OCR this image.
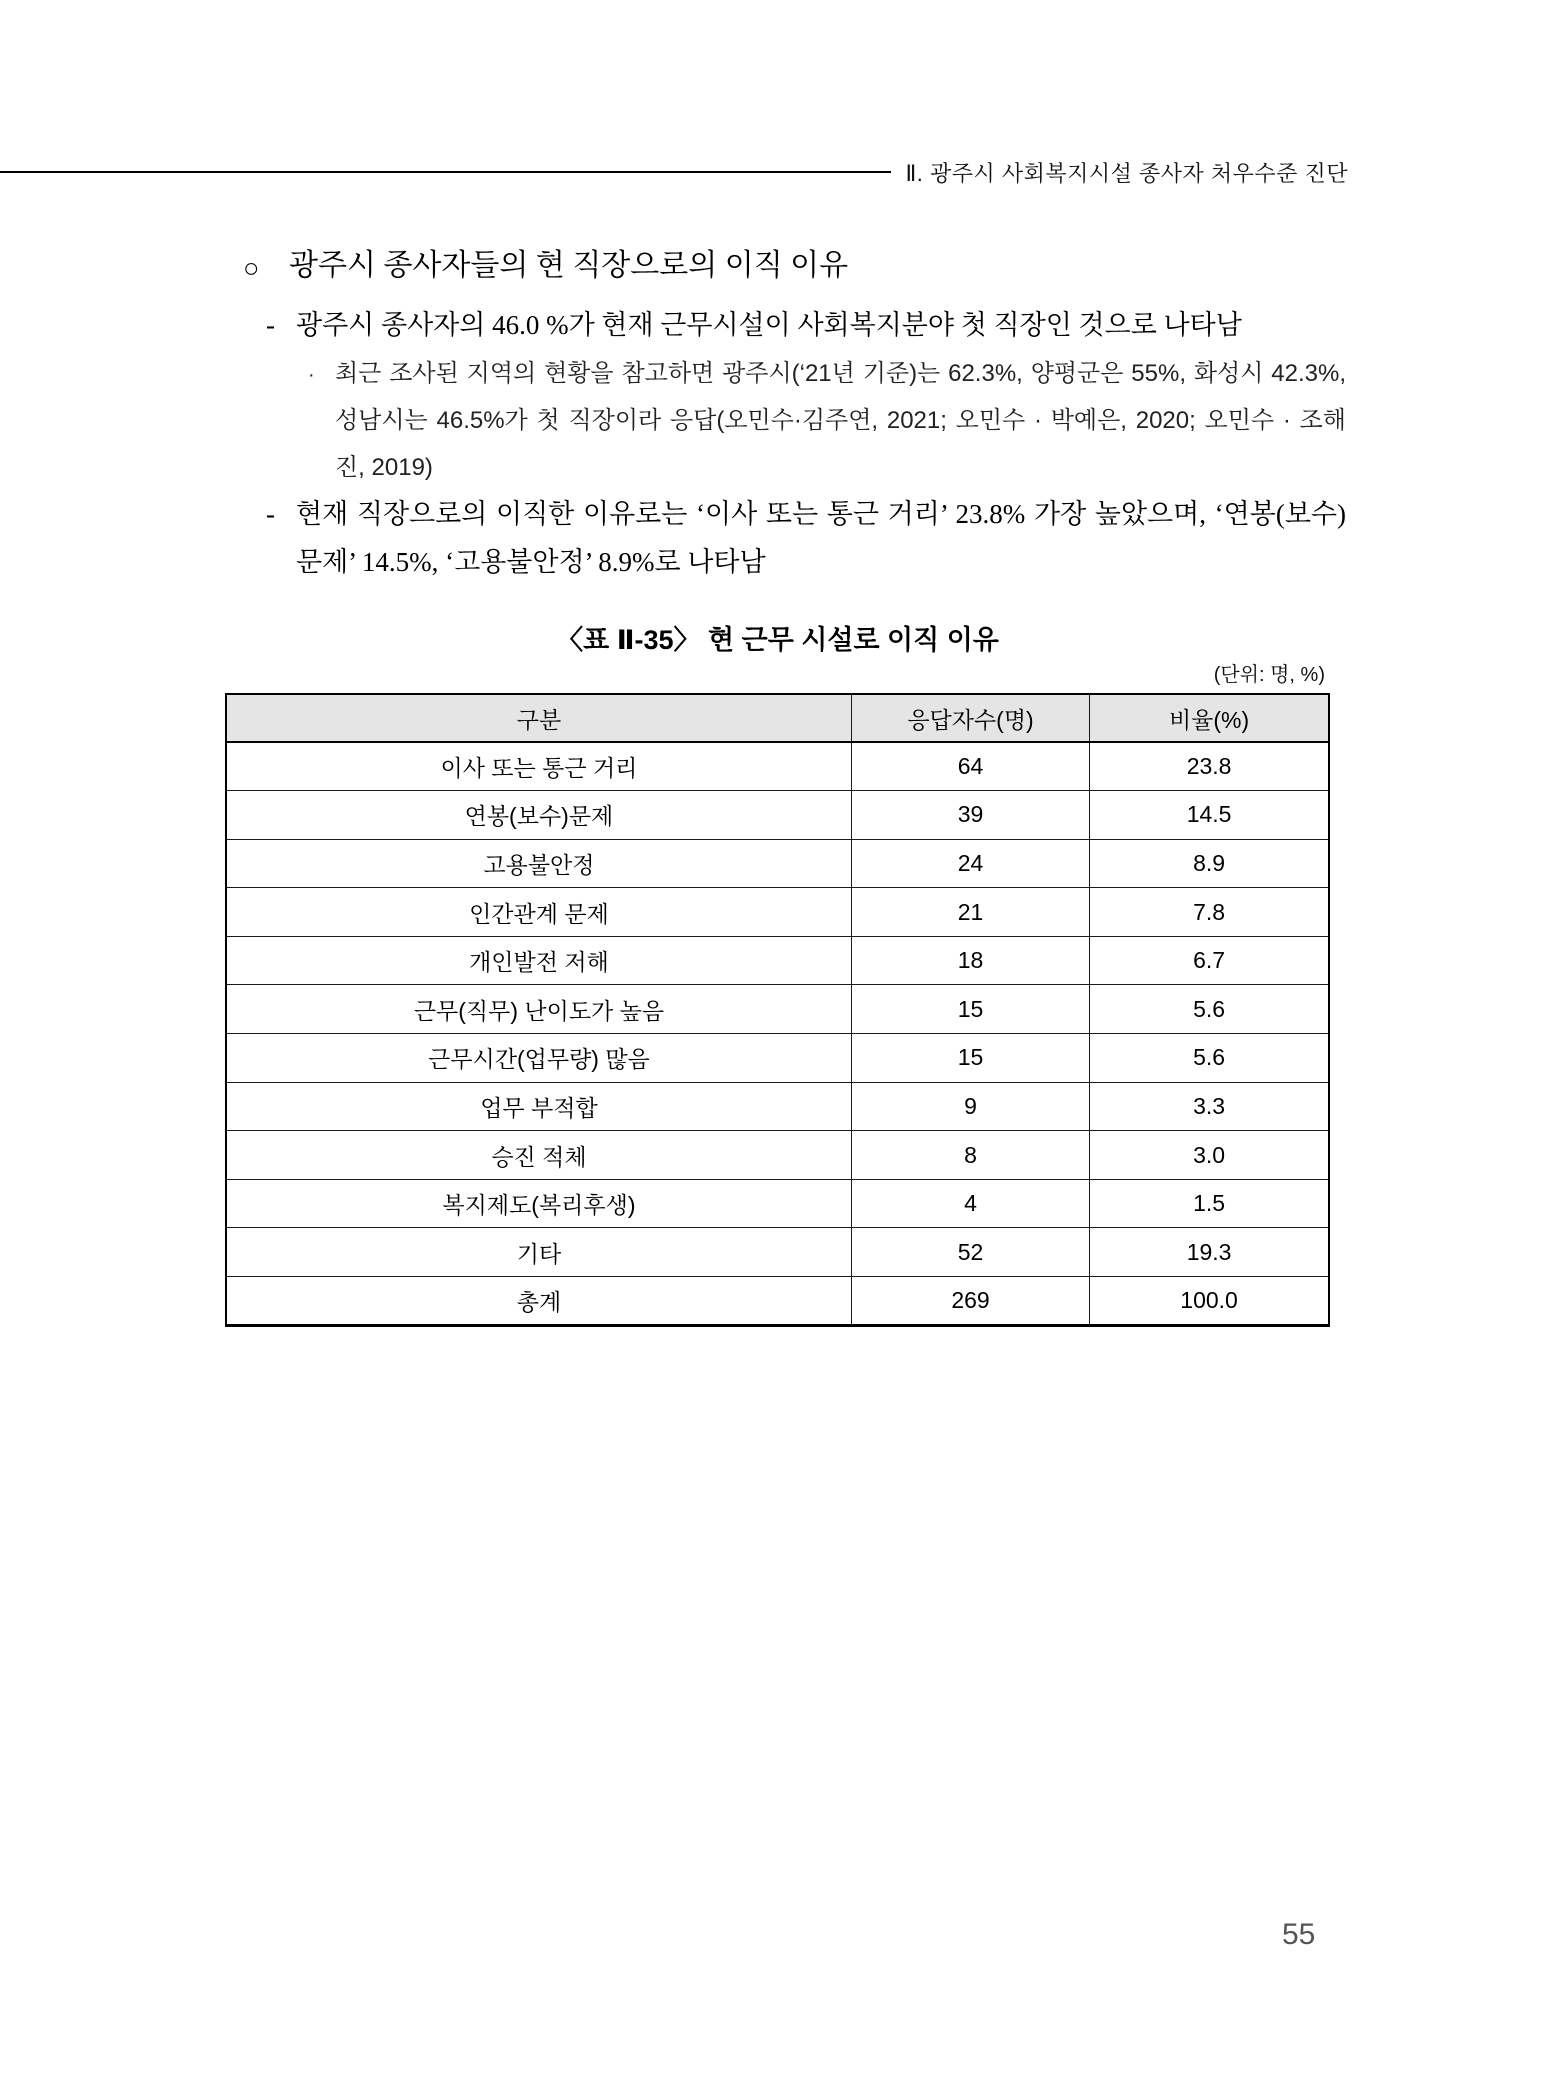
Ⅱ. 광주시 사회복지시설 종사자 처우수준 진단
○ 광주시 종사자들의 현 직장으로의 이직 이유
- 광주시 종사자의 46.0 %가 현재 근무시설이 사회복지분야 첫 직장인 것으로 나타남
· 최근 조사된 지역의 현황을 참고하면 광주시(‘21년 기준)는 62.3%, 양평군은 55%, 화성시 42.3%, 성남시는 46.5%가 첫 직장이라 응답(오민수·김주연, 2021; 오민수 · 박예은, 2020; 오민수 · 조해진, 2019)
- 현재 직장으로의 이직한 이유로는 ‘이사 또는 통근 거리’ 23.8% 가장 높았으며, ‘연봉(보수)문제’ 14.5%, ‘고용불안정’ 8.9%로 나타남
〈표 Ⅱ-35〉 현 근무 시설로 이직 이유
(단위: 명, %)
구분	응답자수(명)	비율(%)
이사 또는 통근 거리	64	23.8
연봉(보수)문제	39	14.5
고용불안정	24	8.9
인간관계 문제	21	7.8
개인발전 저해	18	6.7
근무(직무) 난이도가 높음	15	5.6
근무시간(업무량) 많음	15	5.6
업무 부적합	9	3.3
승진 적체	8	3.0
복지제도(복리후생)	4	1.5
기타	52	19.3
총계	269	100.0
55
